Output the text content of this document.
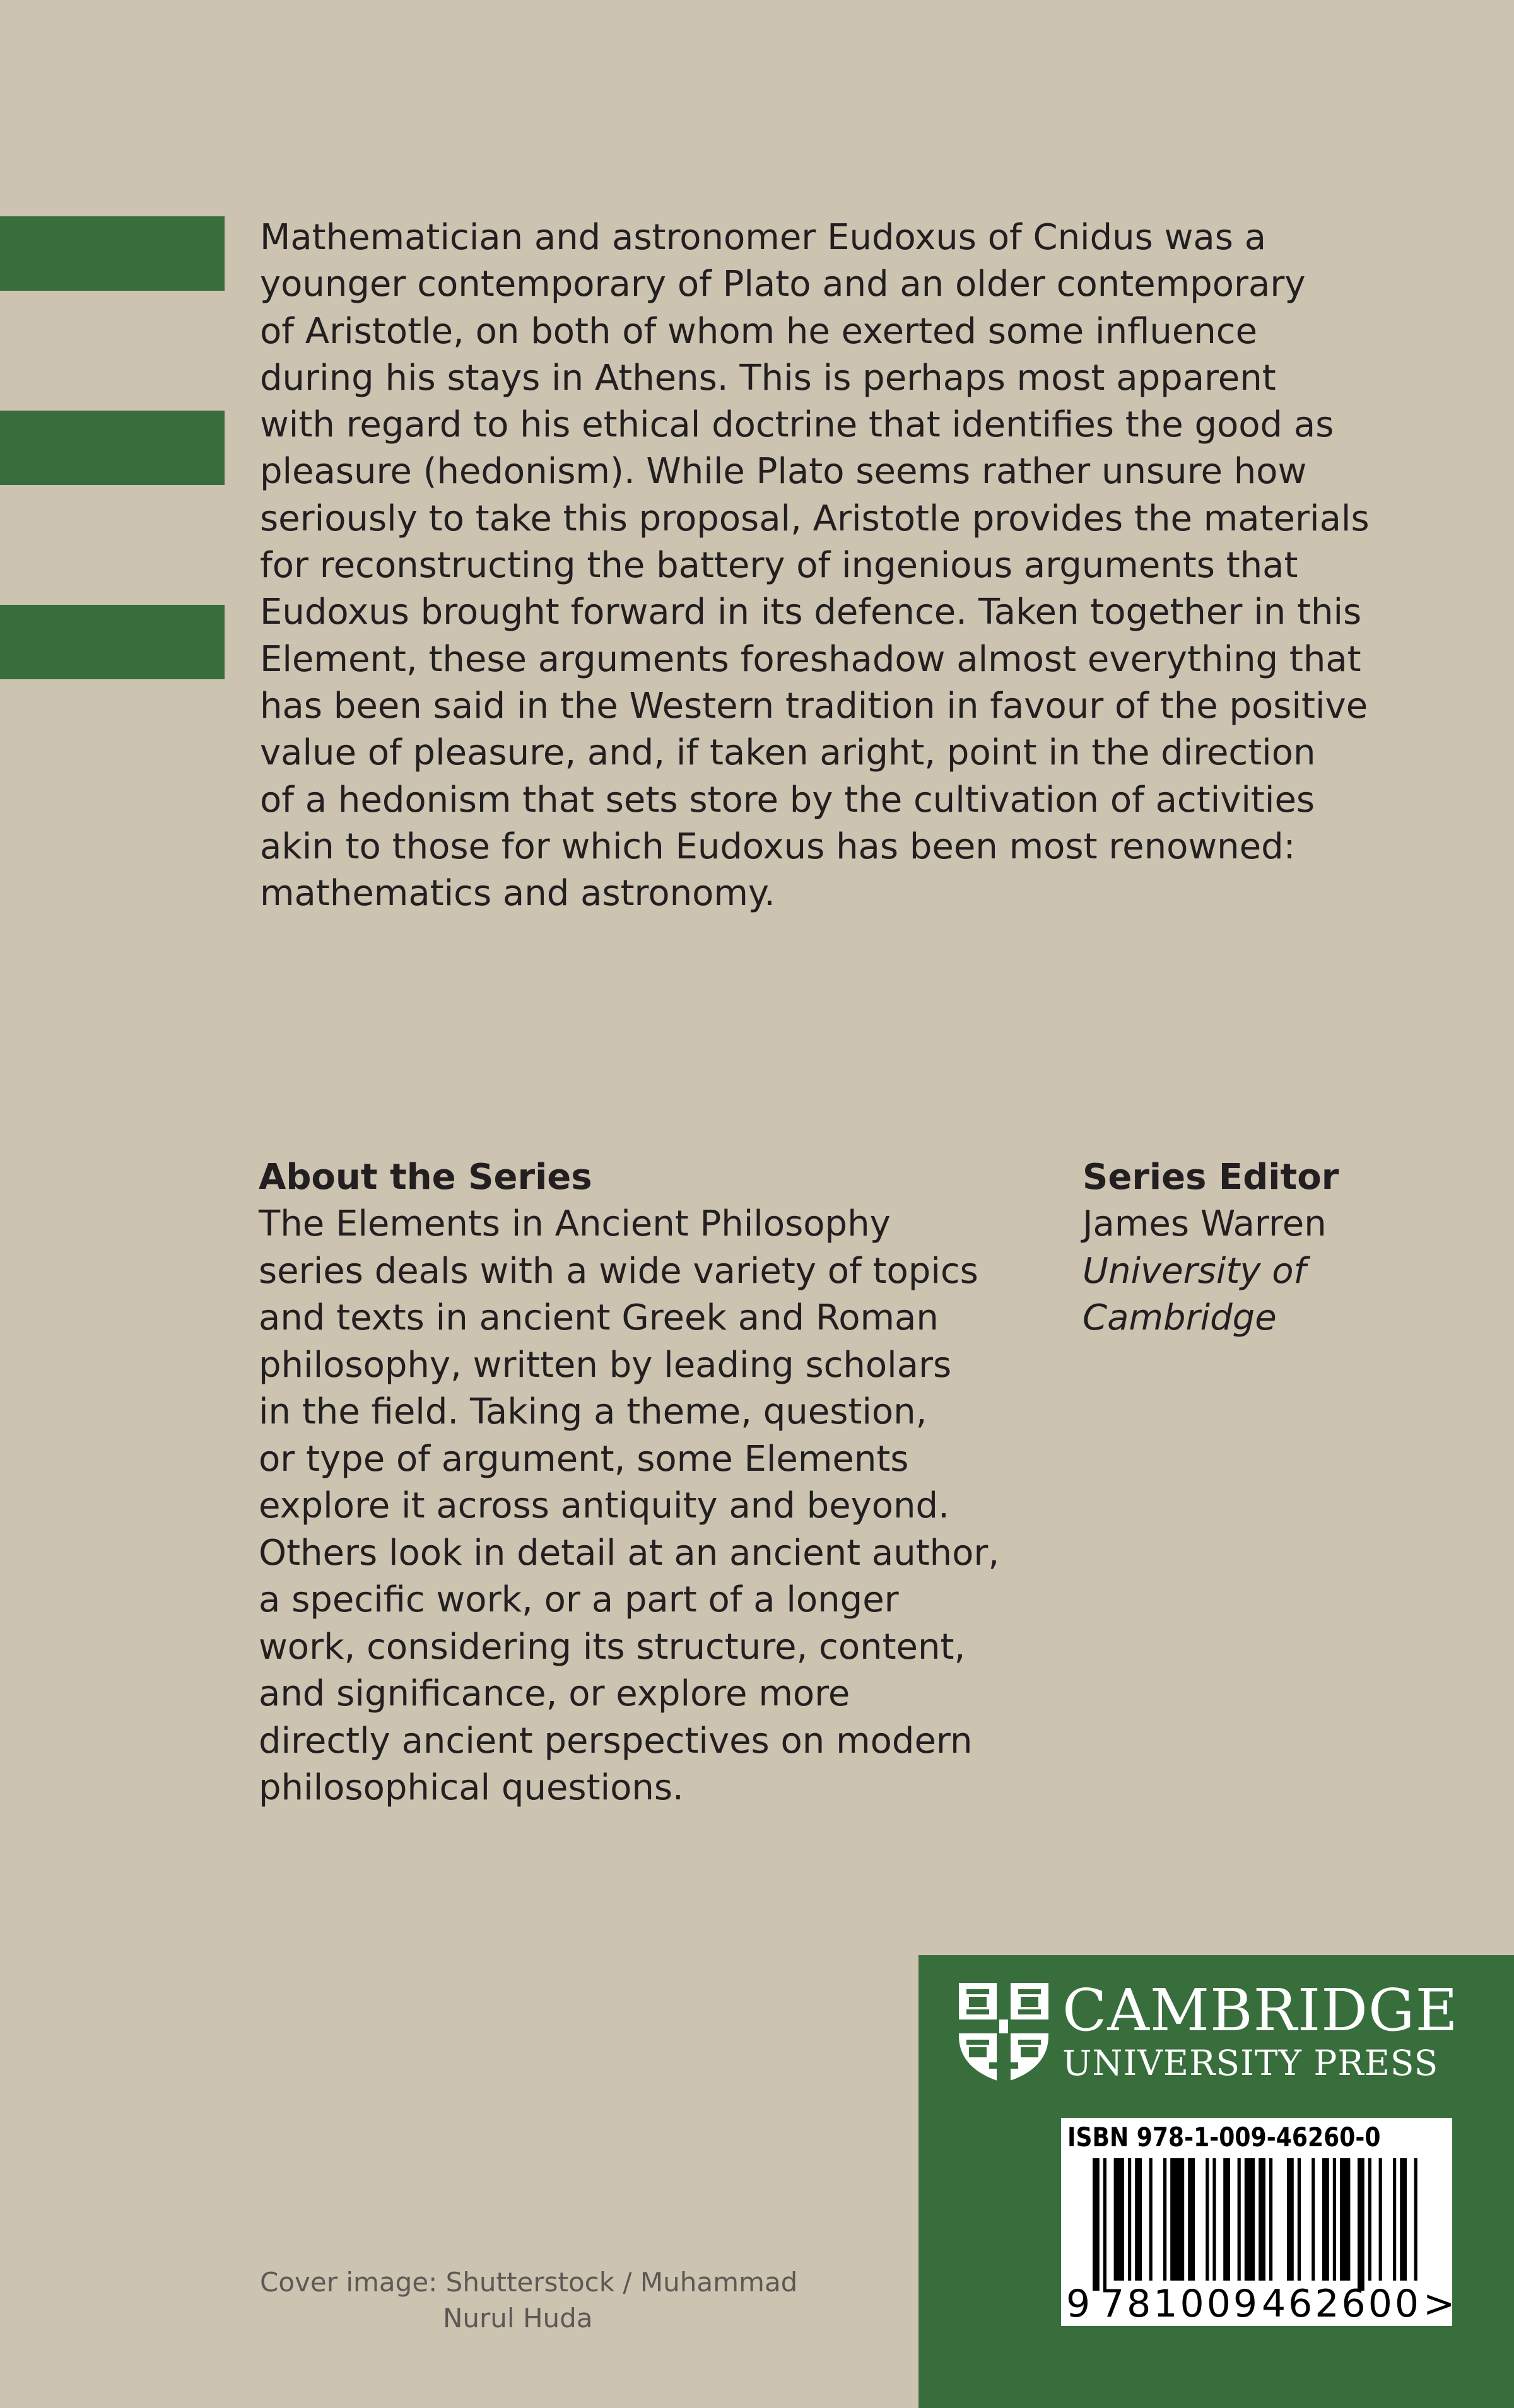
Mathematician and astronomer Eudoxus of Cnidus was a
younger contemporary of Plato and an older contemporary
of Aristotle, on both of whom he exerted some influence
during his stays in Athens. This is perhaps most apparent
with regard to his ethical doctrine that identifies the good as
pleasure (hedonism). While Plato seems rather unsure how
seriously to take this proposal, Aristotle provides the materials
for reconstructing the battery of ingenious arguments that
Eudoxus brought forward in its defence. Taken together in this
Element, these arguments foreshadow almost everything that
has been said in the Western tradition in favour of the positive
value of pleasure, and, if taken aright, point in the direction
of a hedonism that sets store by the cultivation of activities
akin to those for which Eudoxus has been most renowned:
mathematics and astronomy.
About the Series
The Elements in Ancient Philosophy
series deals with a wide variety of topics
and texts in ancient Greek and Roman
philosophy, written by leading scholars
in the field. Taking a theme, question,
or type of argument, some Elements
explore it across antiquity and beyond.
Others look in detail at an ancient author,
a specific work, or a part of a longer
work, considering its structure, content,
and significance, or explore more
directly ancient perspectives on modern
philosophical questions.
Series Editor
James Warren
University of
Cambridge
Cover image: Shutterstock / Muhammad
Nurul Huda
CAMBRIDGE
UNIVERSITY PRESS
ISBN 978-1-009-46260-0
9 781009 462600 >
